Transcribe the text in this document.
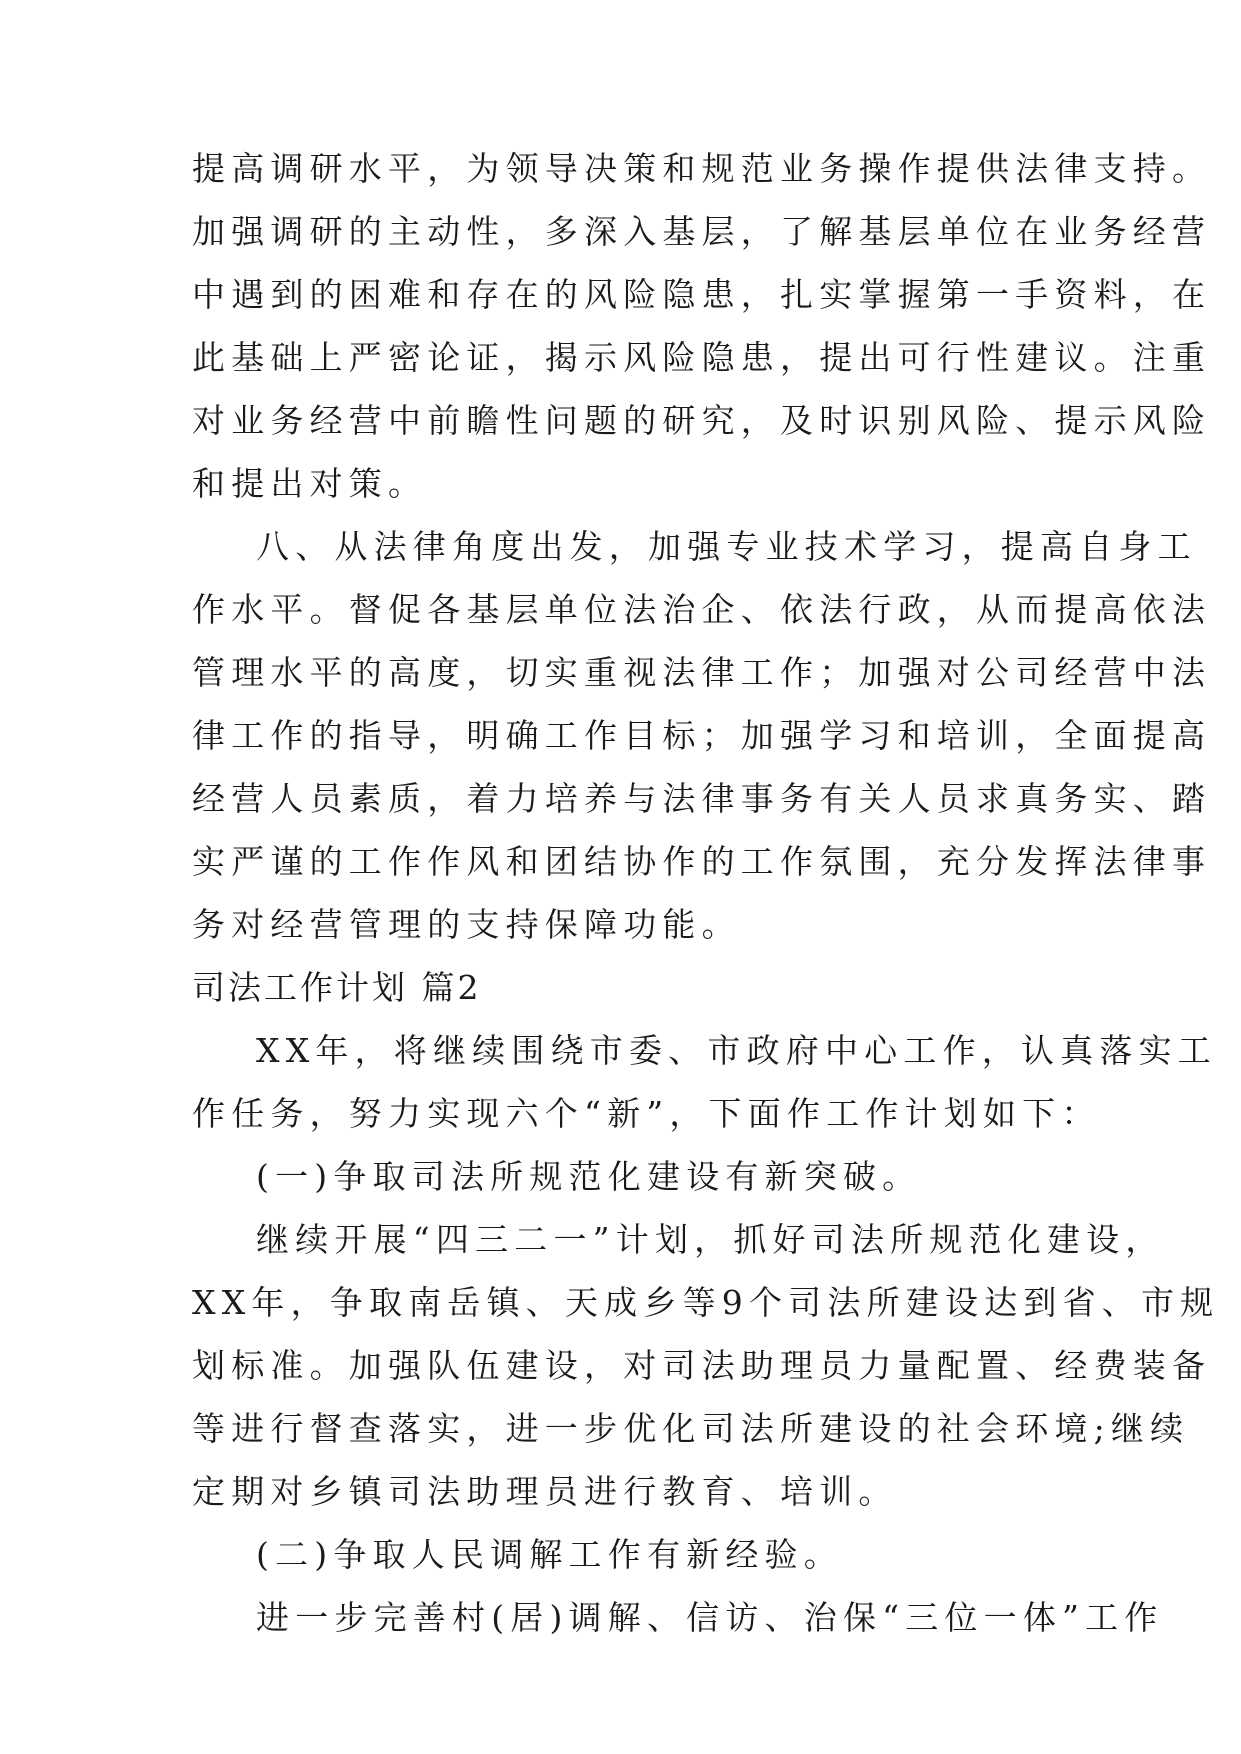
提高调研水平，为领导决策和规范业务操作提供法律支持。
加强调研的主动性，多深入基层，了解基层单位在业务经营
中遇到的困难和存在的风险隐患，扎实掌握第一手资料，在
此基础上严密论证，揭示风险隐患，提出可行性建议。注重
对业务经营中前瞻性问题的研究，及时识别风险、提示风险
和提出对策。
八、从法律角度出发，加强专业技术学习，提高自身工
作水平。督促各基层单位法治企、依法行政，从而提高依法
管理水平的高度，切实重视法律工作；加强对公司经营中法
律工作的指导，明确工作目标；加强学习和培训，全面提高
经营人员素质，着力培养与法律事务有关人员求真务实、踏
实严谨的工作作风和团结协作的工作氛围，充分发挥法律事
务对经营管理的支持保障功能。
司法工作计划 篇2
XX年，将继续围绕市委、市政府中心工作，认真落实工
作任务，努力实现六个“新”，下面作工作计划如下：
(一)争取司法所规范化建设有新突破。
继续开展“四三二一”计划，抓好司法所规范化建设，
XX年，争取南岳镇、天成乡等9个司法所建设达到省、市规
划标准。加强队伍建设，对司法助理员力量配置、经费装备
等进行督查落实，进一步优化司法所建设的社会环境;继续
定期对乡镇司法助理员进行教育、培训。
(二)争取人民调解工作有新经验。
进一步完善村(居)调解、信访、治保“三位一体”工作
